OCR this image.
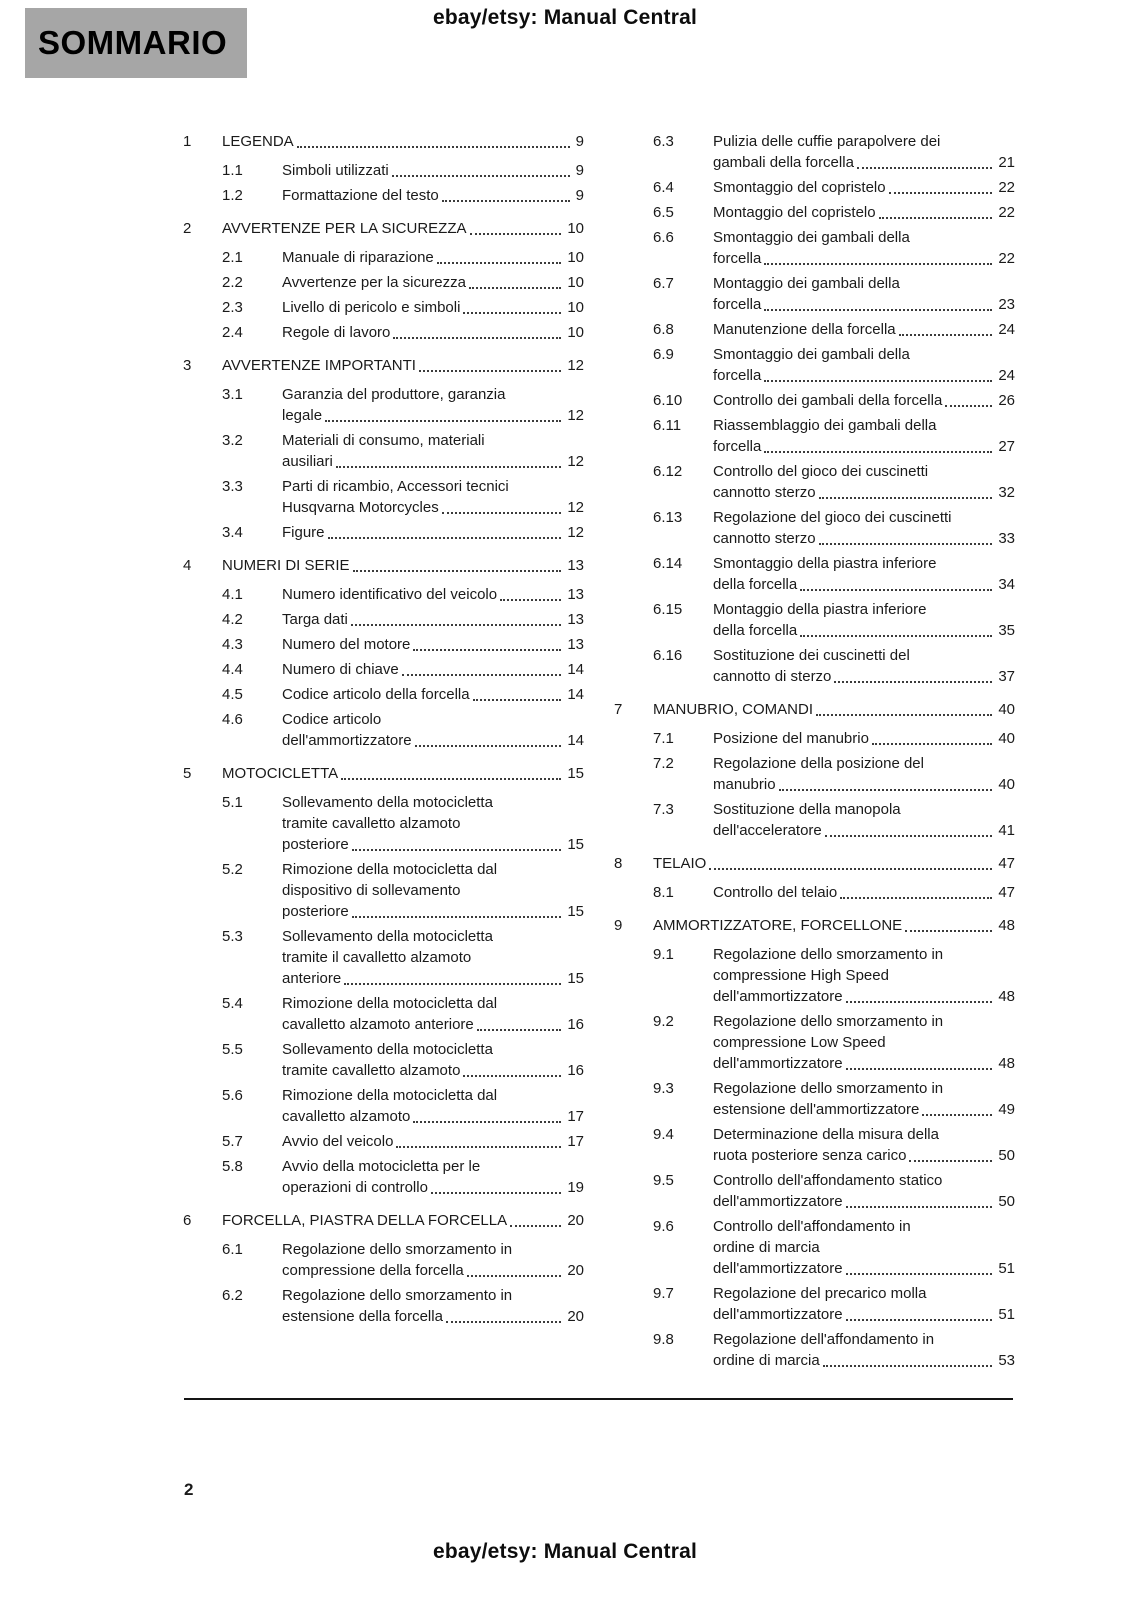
ebay/etsy: Manual Central
SOMMARIO
1	LEGENDA	9
1.1	Simboli utilizzati	9
1.2	Formattazione del testo	9
2	AVVERTENZE PER LA SICUREZZA	10
2.1	Manuale di riparazione	10
2.2	Avvertenze per la sicurezza	10
2.3	Livello di pericolo e simboli	10
2.4	Regole di lavoro	10
3	AVVERTENZE IMPORTANTI	12
3.1	Garanzia del produttore, garanzia
legale	12
3.2	Materiali di consumo, materiali
ausiliari	12
3.3	Parti di ricambio, Accessori tecnici
Husqvarna Motorcycles	12
3.4	Figure	12
4	NUMERI DI SERIE	13
4.1	Numero identificativo del veicolo	13
4.2	Targa dati	13
4.3	Numero del motore	13
4.4	Numero di chiave	14
4.5	Codice articolo della forcella	14
4.6	Codice articolo
dell'ammortizzatore	14
5	MOTOCICLETTA	15
5.1	Sollevamento della motocicletta
tramite cavalletto alzamoto
posteriore	15
5.2	Rimozione della motocicletta dal
dispositivo di sollevamento
posteriore	15
5.3	Sollevamento della motocicletta
tramite il cavalletto alzamoto
anteriore	15
5.4	Rimozione della motocicletta dal
cavalletto alzamoto anteriore	16
5.5	Sollevamento della motocicletta
tramite cavalletto alzamoto	16
5.6	Rimozione della motocicletta dal
cavalletto alzamoto	17
5.7	Avvio del veicolo	17
5.8	Avvio della motocicletta per le
operazioni di controllo	19
6	FORCELLA, PIASTRA DELLA FORCELLA	20
6.1	Regolazione dello smorzamento in
compressione della forcella	20
6.2	Regolazione dello smorzamento in
estensione della forcella	20
6.3	Pulizia delle cuffie parapolvere dei
gambali della forcella	21
6.4	Smontaggio del copristelo	22
6.5	Montaggio del copristelo	22
6.6	Smontaggio dei gambali della
forcella	22
6.7	Montaggio dei gambali della
forcella	23
6.8	Manutenzione della forcella	24
6.9	Smontaggio dei gambali della
forcella	24
6.10	Controllo dei gambali della forcella	26
6.11	Riassemblaggio dei gambali della
forcella	27
6.12	Controllo del gioco dei cuscinetti
cannotto sterzo	32
6.13	Regolazione del gioco dei cuscinetti
cannotto sterzo	33
6.14	Smontaggio della piastra inferiore
della forcella	34
6.15	Montaggio della piastra inferiore
della forcella	35
6.16	Sostituzione dei cuscinetti del
cannotto di sterzo	37
7	MANUBRIO, COMANDI	40
7.1	Posizione del manubrio	40
7.2	Regolazione della posizione del
manubrio	40
7.3	Sostituzione della manopola
dell'acceleratore	41
8	TELAIO	47
8.1	Controllo del telaio	47
9	AMMORTIZZATORE, FORCELLONE	48
9.1	Regolazione dello smorzamento in
compressione High Speed
dell'ammortizzatore	48
9.2	Regolazione dello smorzamento in
compressione Low Speed
dell'ammortizzatore	48
9.3	Regolazione dello smorzamento in
estensione dell'ammortizzatore	49
9.4	Determinazione della misura della
ruota posteriore senza carico	50
9.5	Controllo dell'affondamento statico
dell'ammortizzatore	50
9.6	Controllo dell'affondamento in
ordine di marcia
dell'ammortizzatore	51
9.7	Regolazione del precarico molla
dell'ammortizzatore	51
9.8	Regolazione dell'affondamento in
ordine di marcia	53
2
ebay/etsy: Manual Central
